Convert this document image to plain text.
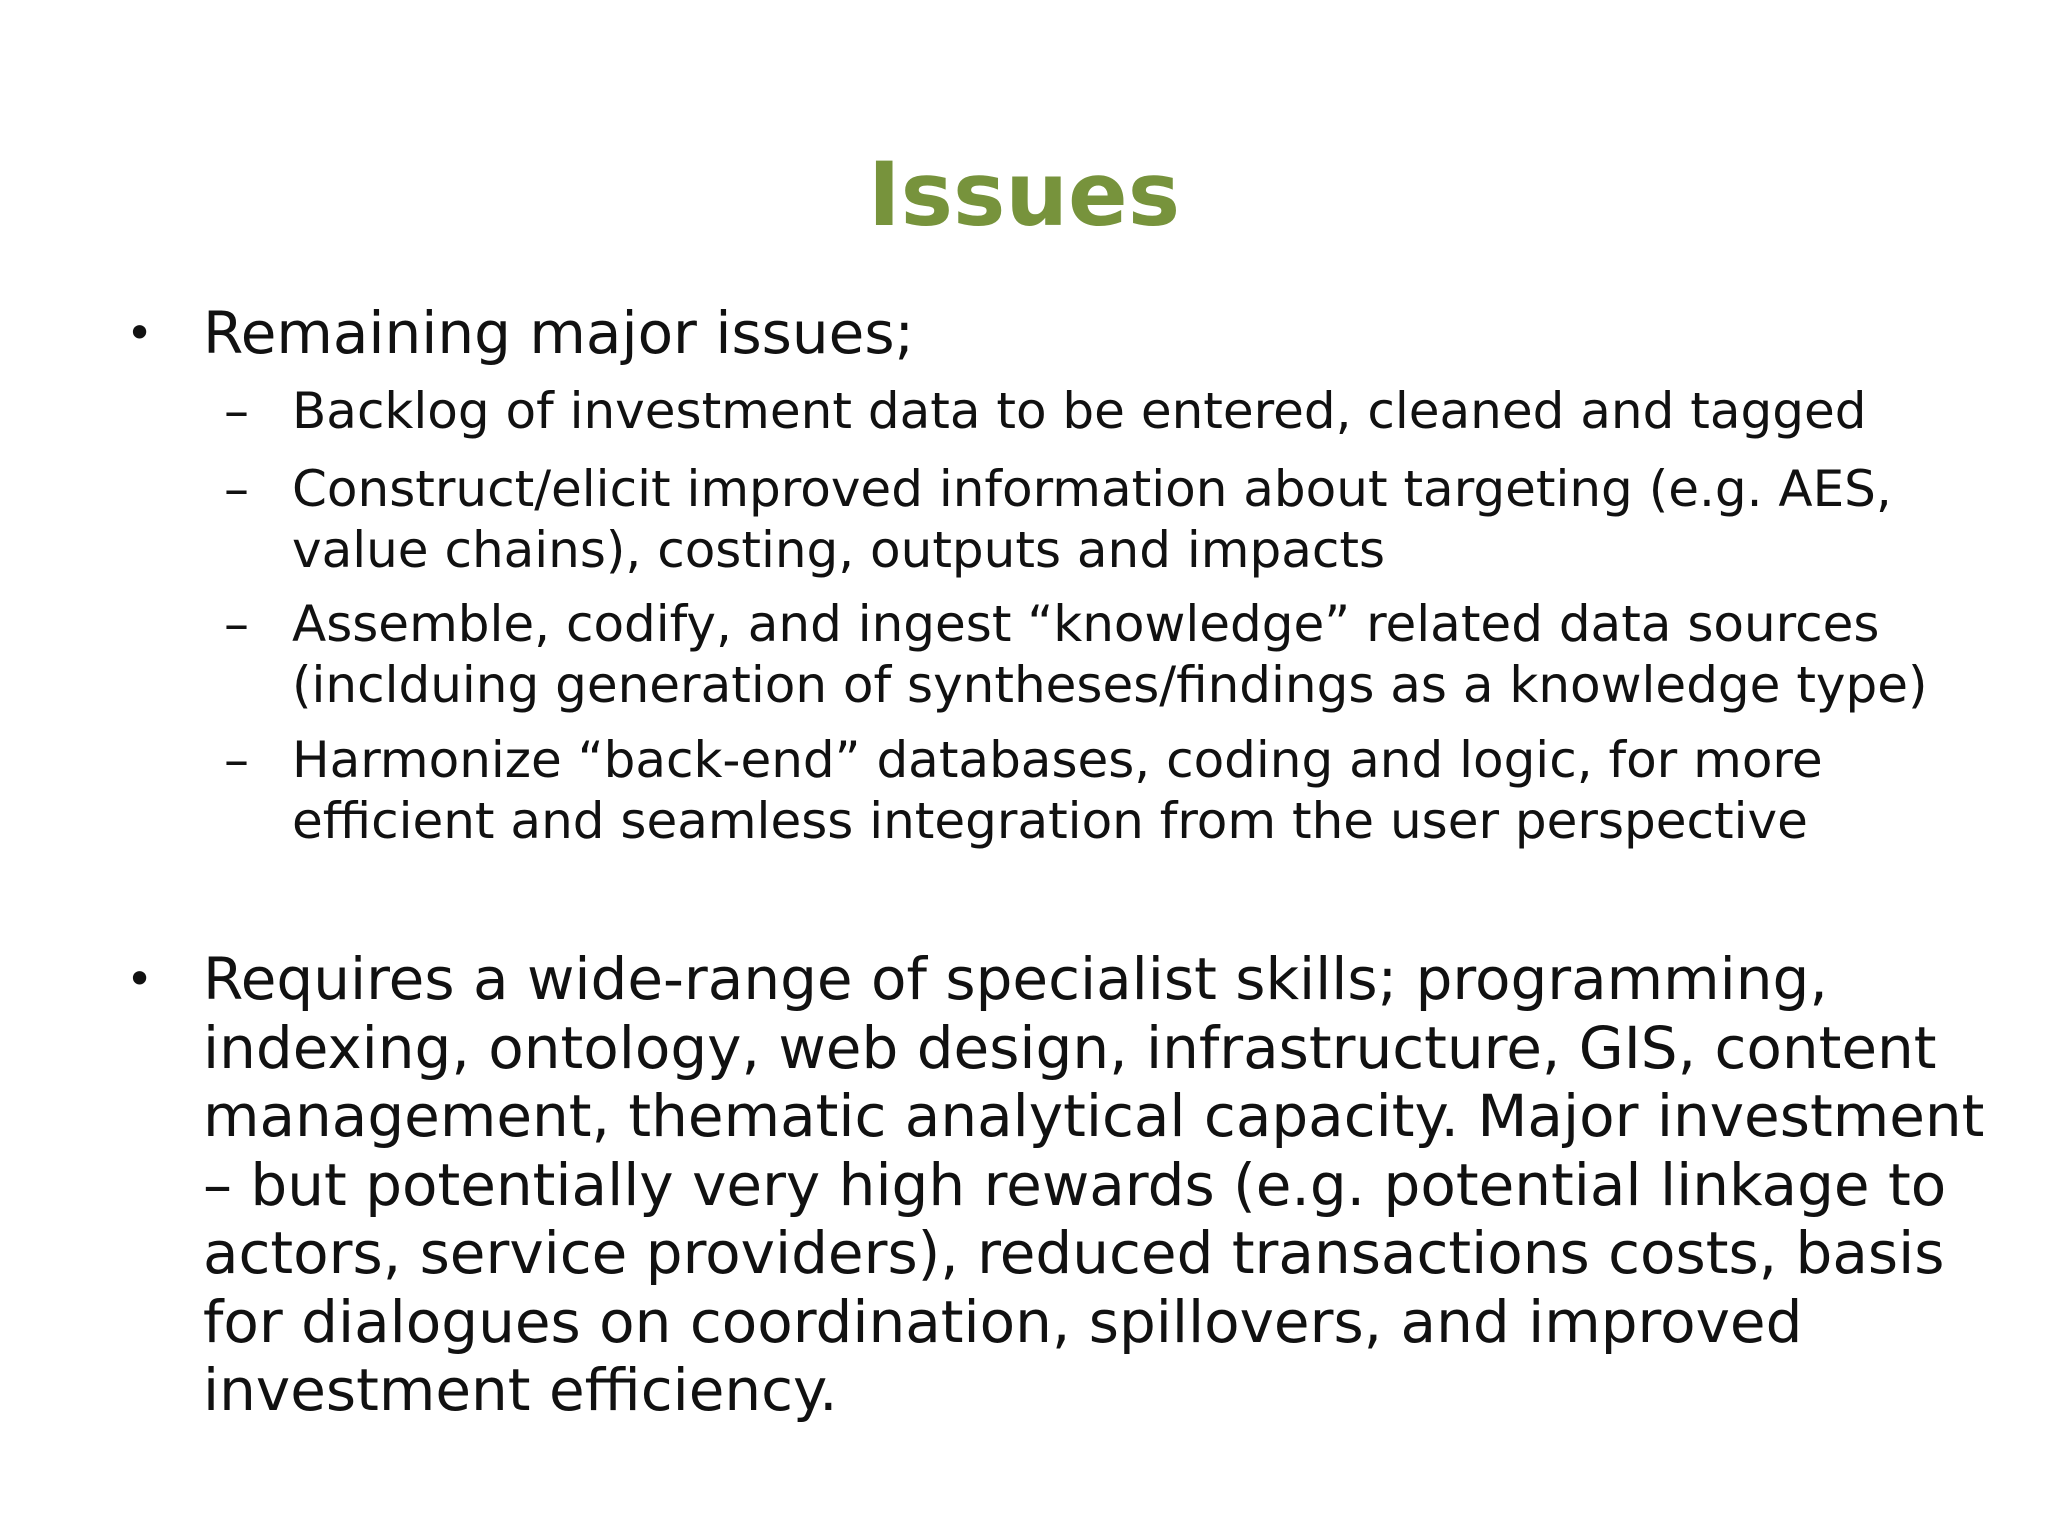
Issues
• Remaining major issues;
– Backlog of investment data to be entered, cleaned and tagged
– Construct/elicit improved information about targeting (e.g. AES, value chains), costing, outputs and impacts
– Assemble, codify, and ingest “knowledge” related data sources (inclduing generation of syntheses/findings as a knowledge type)
– Harmonize “back-end” databases, coding and logic, for more efficient and seamless integration from the user perspective
• Requires a wide-range of specialist skills; programming, indexing, ontology, web design, infrastructure, GIS, content management, thematic analytical capacity. Major investment – but potentially very high rewards (e.g. potential linkage to actors, service providers), reduced transactions costs, basis for dialogues on coordination, spillovers, and improved investment efficiency.
